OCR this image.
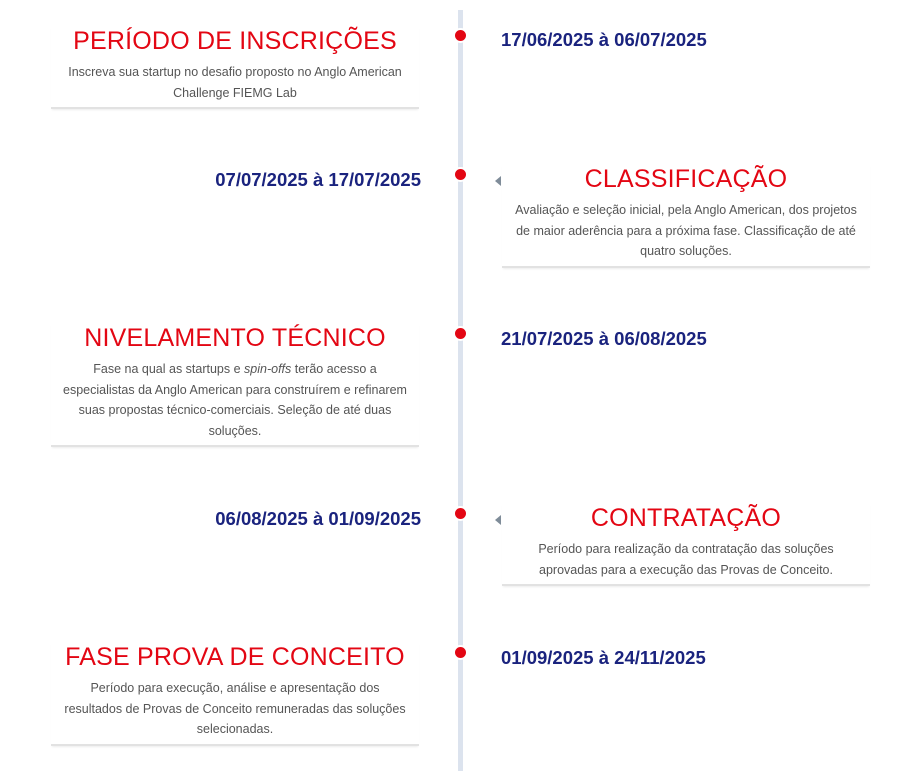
PERÍODO DE INSCRIÇÕES

Inscreva sua startup no desafio proposto no Anglo American Challenge FIEMG Lab

17/06/2025 à 06/07/2025
07/07/2025 à 17/07/2025	CLASSIFICAÇÃO

Avaliação e seleção inicial, pela Anglo American, dos projetos de maior aderência para a próxima fase. Classificação de até quatro soluções.

NIVELAMENTO TÉCNICO

Fase na qual as startups e spin-offs terão acesso a especialistas da Anglo American para construírem e refinarem suas propostas técnico-comerciais. Seleção de até duas soluções.

21/07/2025 à 06/08/2025
06/08/2025 à 01/09/2025	CONTRATAÇÃO

Período para realização da contratação das soluções aprovadas para a execução das Provas de Conceito.

FASE PROVA DE CONCEITO

Período para execução, análise e apresentação dos resultados de Provas de Conceito remuneradas das soluções selecionadas.

01/09/2025 à 24/11/2025
